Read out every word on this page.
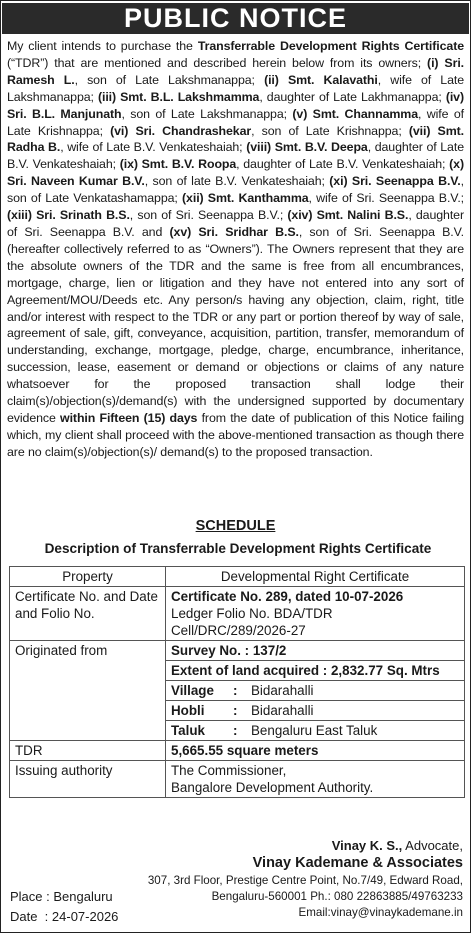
PUBLIC NOTICE
My client intends to purchase the Transferrable Development Rights Certificate (“TDR”) that are mentioned and described herein below from its owners; (i) Sri. Ramesh L., son of Late Lakshmanappa; (ii) Smt. Kalavathi, wife of Late Lakshmanappa; (iii) Smt. B.L. Lakshmamma, daughter of Late Lakhmanappa; (iv) Sri. B.L. Manjunath, son of Late Lakshmanappa; (v) Smt. Channamma, wife of Late Krishnappa; (vi) Sri. Chandrashekar, son of Late Krishnappa; (vii) Smt. Radha B., wife of Late B.V. Venkateshaiah; (viii) Smt. B.V. Deepa, daughter of Late B.V. Venkateshaiah; (ix) Smt. B.V. Roopa, daughter of Late B.V. Venkateshaiah; (x) Sri. Naveen Kumar B.V., son of late B.V. Venkateshaiah; (xi) Sri. Seenappa B.V., son of Late Venkatashamappa; (xii) Smt. Kanthamma, wife of Sri. Seenappa B.V.; (xiii) Sri. Srinath B.S., son of Sri. Seenappa B.V.; (xiv) Smt. Nalini B.S., daughter of Sri. Seenappa B.V. and (xv) Sri. Sridhar B.S., son of Sri. Seenappa B.V. (hereafter collectively referred to as “Owners”). The Owners represent that they are the absolute owners of the TDR and the same is free from all encumbrances, mortgage, charge, lien or litigation and they have not entered into any sort of Agreement/MOU/Deeds etc. Any person/s having any objection, claim, right, title and/or interest with respect to the TDR or any part or portion thereof by way of sale, agreement of sale, gift, conveyance, acquisition, partition, transfer, memorandum of understanding, exchange, mortgage, pledge, charge, encumbrance, inheritance, succession, lease, easement or demand or objections or claims of any nature whatsoever for the proposed transaction shall lodge their claim(s)/objection(s)/demand(s) with the undersigned supported by documentary evidence within Fifteen (15) days from the date of publication of this Notice failing which, my client shall proceed with the above-mentioned transaction as though there are no claim(s)/objection(s)/ demand(s) to the proposed transaction.
SCHEDULE
Description of Transferrable Development Rights Certificate
Property	Developmental Right Certificate
Certificate No. and Date and Folio No.	Certificate No. 289, dated 10-07-2026
Ledger Folio No. BDA/TDR
Cell/DRC/289/2026-27

Originated from	Survey No. : 137/2
	Extent of land acquired : 2,832.77 Sq. Mtrs

	Village : Bidarahalli

	Hobli : Bidarahalli

	Taluk : Bengaluru East Taluk

TDR	5,665.55 square meters
Issuing authority	The Commissioner,
Bangalore Development Authority.
Vinay K. S., Advocate,
Vinay Kademane & Associates
307, 3rd Floor, Prestige Centre Point, No.7/49, Edward Road,
Bengaluru-560001 Ph.: 080 22863885/49763233
Email:vinay@vinaykademane.in
Place : Bengaluru
Date  : 24-07-2026
